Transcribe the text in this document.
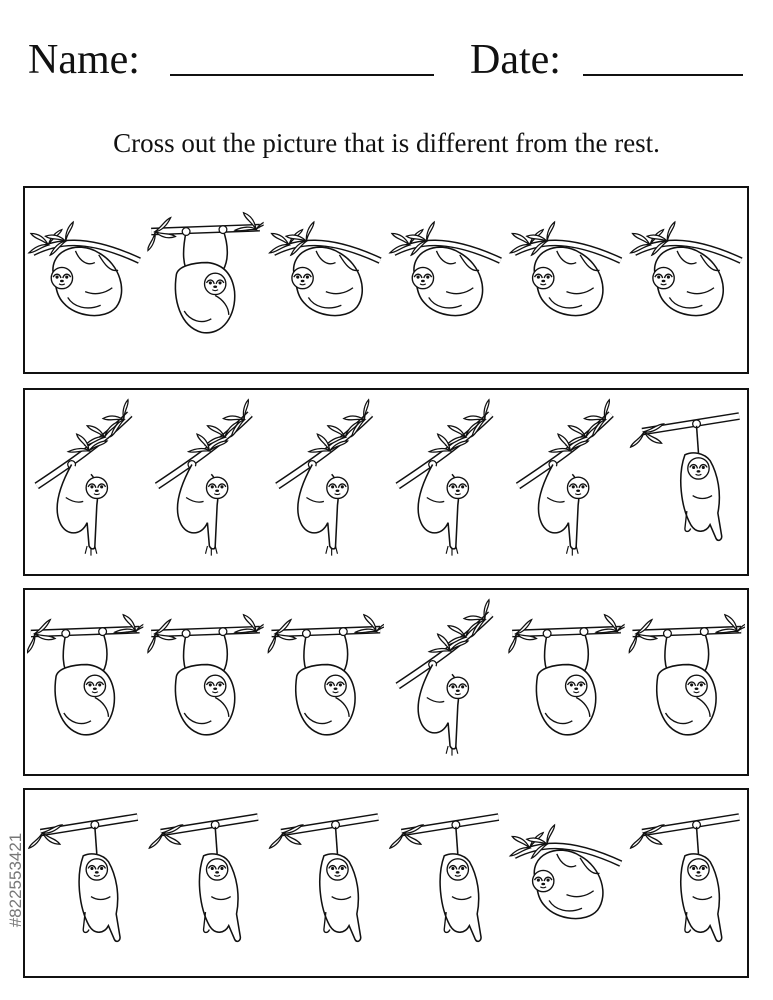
Name:	Date:
Cross out the picture that is different from the rest.
#822553421
